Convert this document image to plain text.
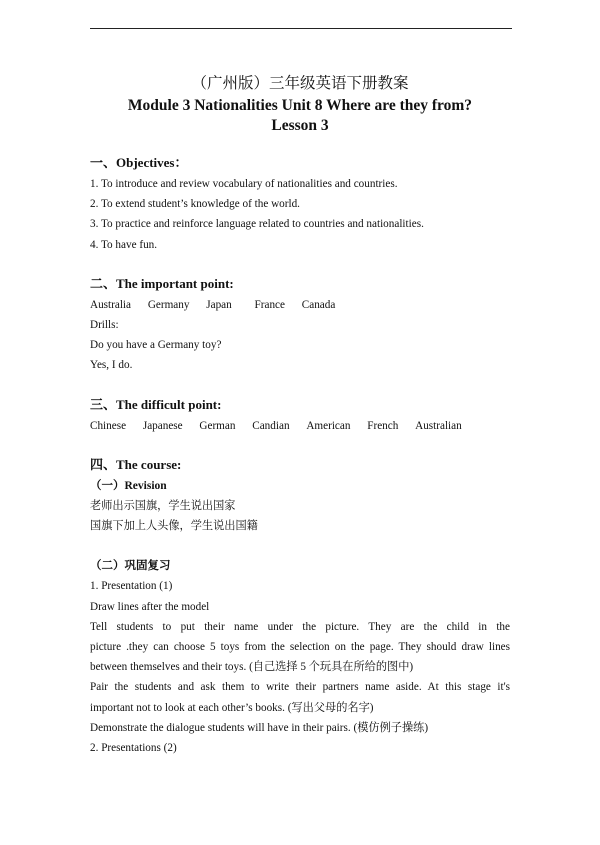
（广州版）三年级英语下册教案
Module 3 Nationalities Unit 8 Where are they from?
Lesson 3
一、Objectives：
1. To introduce and review vocabulary of nationalities and countries.
2. To extend student’s knowledge of the world.
3. To practice and reinforce language related to countries and nationalities.
4. To have fun.
二、The important point:
Australia Germany Japan France Canada
Drills:
Do you have a Germany toy?
Yes, I do.
三、The difficult point:
Chinese Japanese German Candian American French Australian
四、The course:
（一）Revision
老师出示国旗，学生说出国家
国旗下加上人头像，学生说出国籍
（二）巩固复习
1. Presentation (1)
Draw lines after the model
Tell students to put their name under the picture. They are the child in the
picture .they can choose 5 toys from the selection on the page. They should draw lines
between themselves and their toys. (自己选择 5 个玩具在所给的图中)
Pair the students and ask them to write their partners name aside. At this stage it's
important not to look at each other’s books. (写出父母的名字)
Demonstrate the dialogue students will have in their pairs. (模仿例子操练)
2. Presentations (2)
